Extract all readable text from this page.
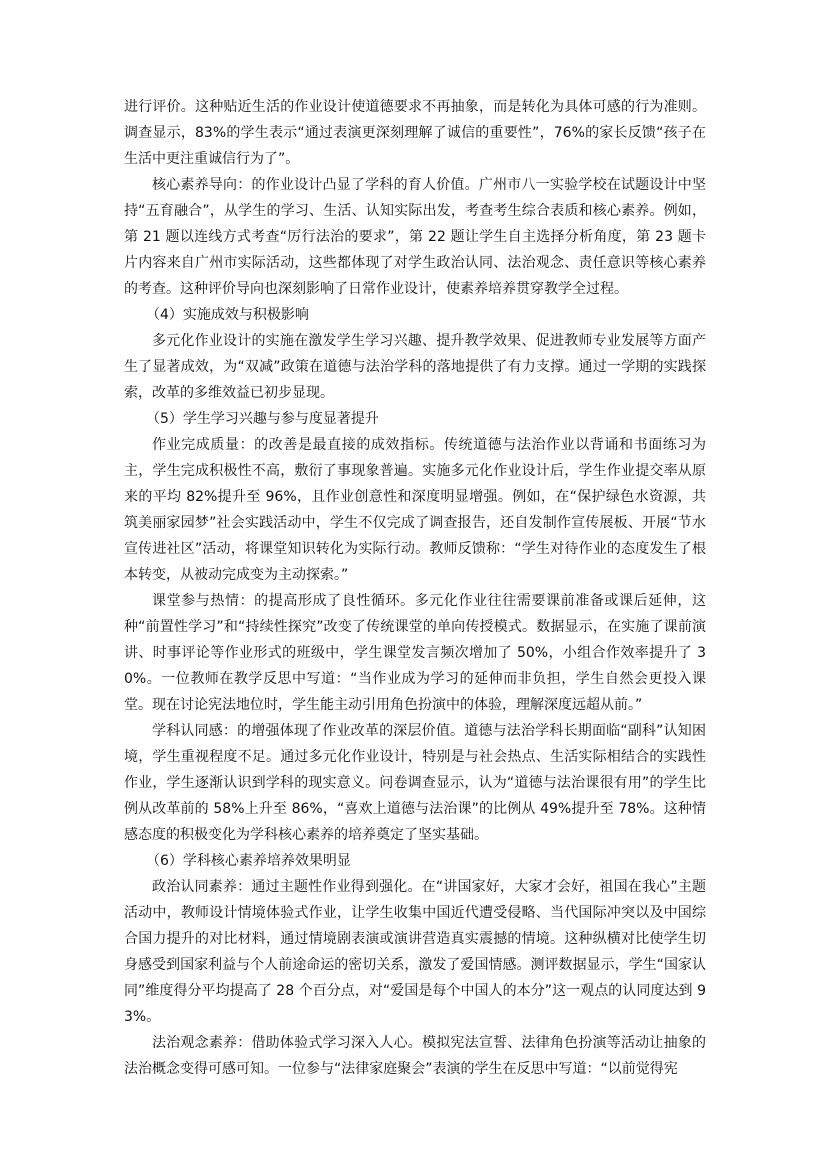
进行评价。这种贴近生活的作业设计使道德要求不再抽象，而是转化为具体可感的行为准则。调查显示，83%的学生表示“通过表演更深刻理解了诚信的重要性”，76%的家长反馈“孩子在生活中更注重诚信行为了”。

核心素养导向：的作业设计凸显了学科的育人价值。广州市八一实验学校在试题设计中坚持“五育融合”，从学生的学习、生活、认知实际出发，考查考生综合表质和核心素养。例如，第 21 题以连线方式考查“厉行法治的要求”，第 22 题让学生自主选择分析角度，第 23 题卡片内容来自广州市实际活动，这些都体现了对学生政治认同、法治观念、责任意识等核心素养的考查。这种评价导向也深刻影响了日常作业设计，使素养培养贯穿教学全过程。

（4）实施成效与积极影响

多元化作业设计的实施在激发学生学习兴趣、提升教学效果、促进教师专业发展等方面产生了显著成效，为“双减”政策在道德与法治学科的落地提供了有力支撑。通过一学期的实践探索，改革的多维效益已初步显现。

（5）学生学习兴趣与参与度显著提升

作业完成质量：的改善是最直接的成效指标。传统道德与法治作业以背诵和书面练习为主，学生完成积极性不高，敷衍了事现象普遍。实施多元化作业设计后，学生作业提交率从原来的平均 82%提升至 96%，且作业创意性和深度明显增强。例如，在“保护绿色水资源，共筑美丽家园梦”社会实践活动中，学生不仅完成了调查报告，还自发制作宣传展板、开展“节水宣传进社区”活动，将课堂知识转化为实际行动。教师反馈称：“学生对待作业的态度发生了根本转变，从被动完成变为主动探索。”

课堂参与热情：的提高形成了良性循环。多元化作业往往需要课前准备或课后延伸，这种“前置性学习”和“持续性探究”改变了传统课堂的单向传授模式。数据显示，在实施了课前演讲、时事评论等作业形式的班级中，学生课堂发言频次增加了 50%，小组合作效率提升了 30%。一位教师在教学反思中写道：“当作业成为学习的延伸而非负担，学生自然会更投入课堂。现在讨论宪法地位时，学生能主动引用角色扮演中的体验，理解深度远超从前。”

学科认同感：的增强体现了作业改革的深层价值。道德与法治学科长期面临“副科”认知困境，学生重视程度不足。通过多元化作业设计，特别是与社会热点、生活实际相结合的实践性作业，学生逐渐认识到学科的现实意义。问卷调查显示，认为“道德与法治课很有用”的学生比例从改革前的 58%上升至 86%，“喜欢上道德与法治课”的比例从 49%提升至 78%。这种情感态度的积极变化为学科核心素养的培养奠定了坚实基础。

（6）学科核心素养培养效果明显

政治认同素养：通过主题性作业得到强化。在“讲国家好，大家才会好，祖国在我心”主题活动中，教师设计情境体验式作业，让学生收集中国近代遭受侵略、当代国际冲突以及中国综合国力提升的对比材料，通过情境剧表演或演讲营造真实震撼的情境。这种纵横对比使学生切身感受到国家利益与个人前途命运的密切关系，激发了爱国情感。测评数据显示，学生“国家认同”维度得分平均提高了 28 个百分点，对“爱国是每个中国人的本分”这一观点的认同度达到 93%。

法治观念素养：借助体验式学习深入人心。模拟宪法宣誓、法律角色扮演等活动让抽象的法治概念变得可感可知。一位参与“法律家庭聚会”表演的学生在反思中写道：“以前觉得宪
